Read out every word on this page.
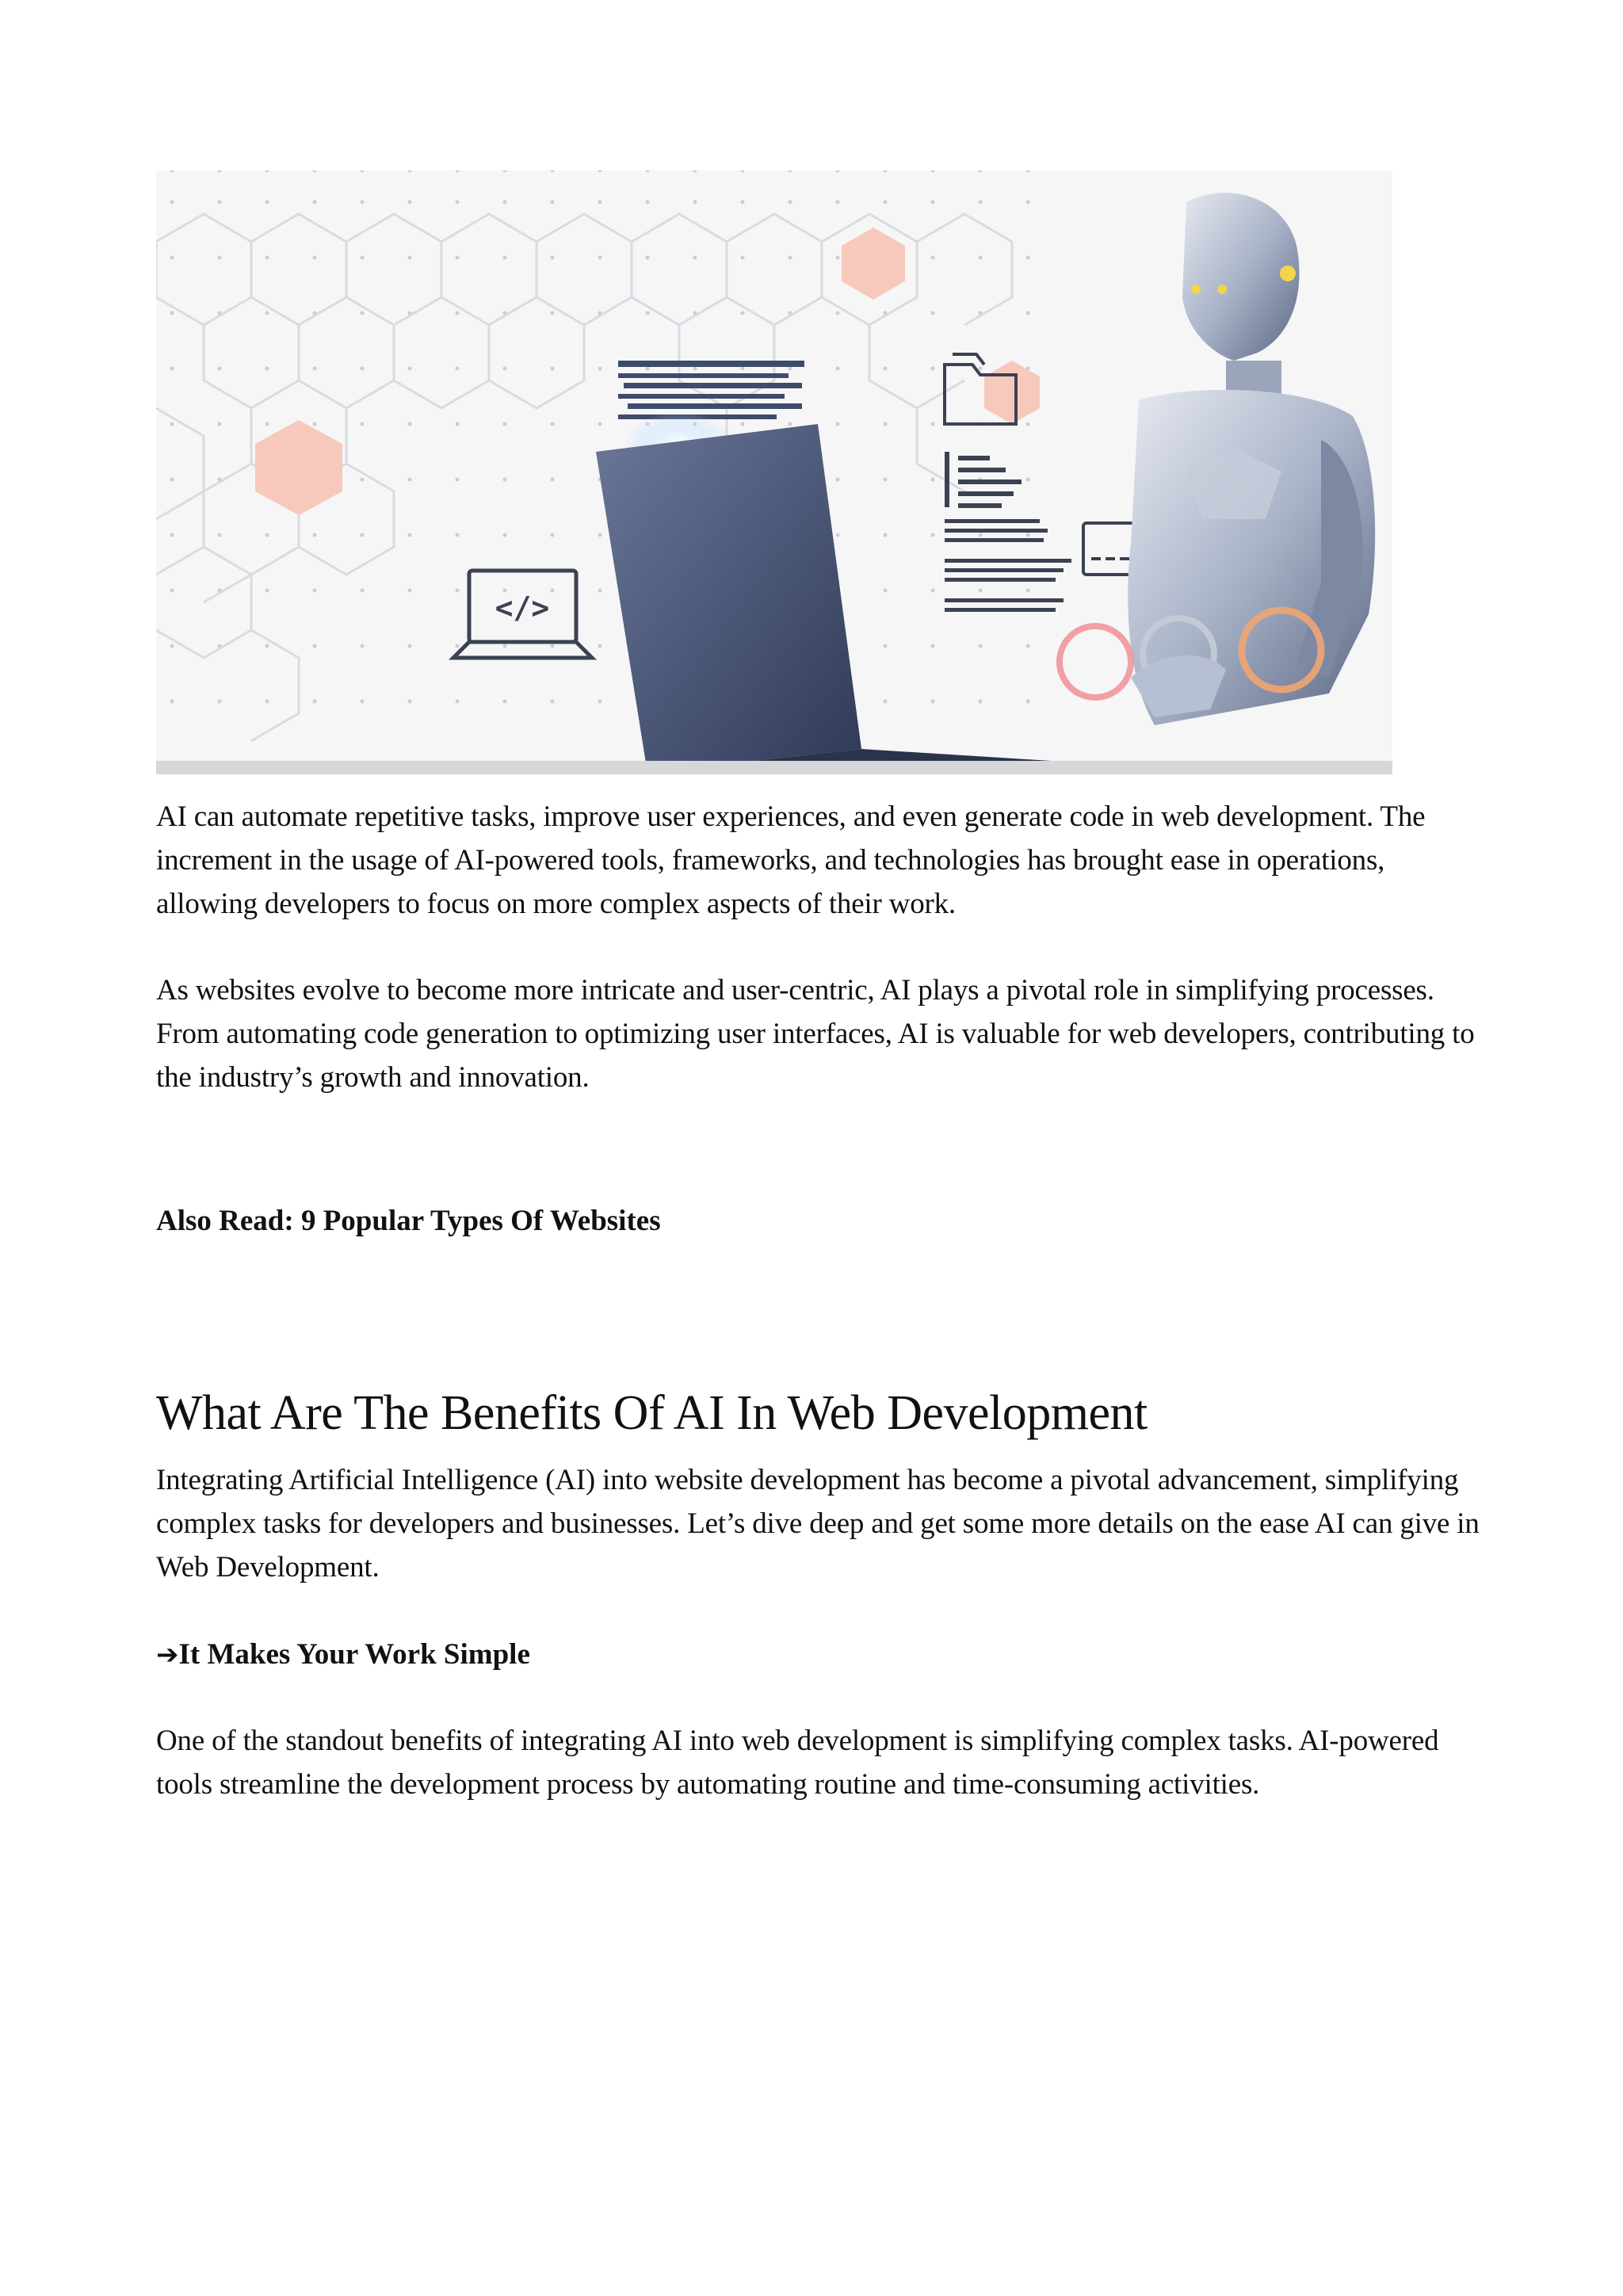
</>

AI can automate repetitive tasks, improve user experiences, and even generate code in web development. The increment in the usage of AI-powered tools, frameworks, and technologies has brought ease in operations, allowing developers to focus on more complex aspects of their work.

As websites evolve to become more intricate and user-centric, AI plays a pivotal role in simplifying processes. From automating code generation to optimizing user interfaces, AI is valuable for web developers, contributing to the industry’s growth and innovation.

Also Read: 9 Popular Types Of Websites

What Are The Benefits Of AI In Web Development

Integrating Artificial Intelligence (AI) into website development has become a pivotal advancement, simplifying complex tasks for developers and businesses. Let’s dive deep and get some more details on the ease AI can give in Web Development.

➔It Makes Your Work Simple

One of the standout benefits of integrating AI into web development is simplifying complex tasks. AI-powered tools streamline the development process by automating routine and time-consuming activities.
